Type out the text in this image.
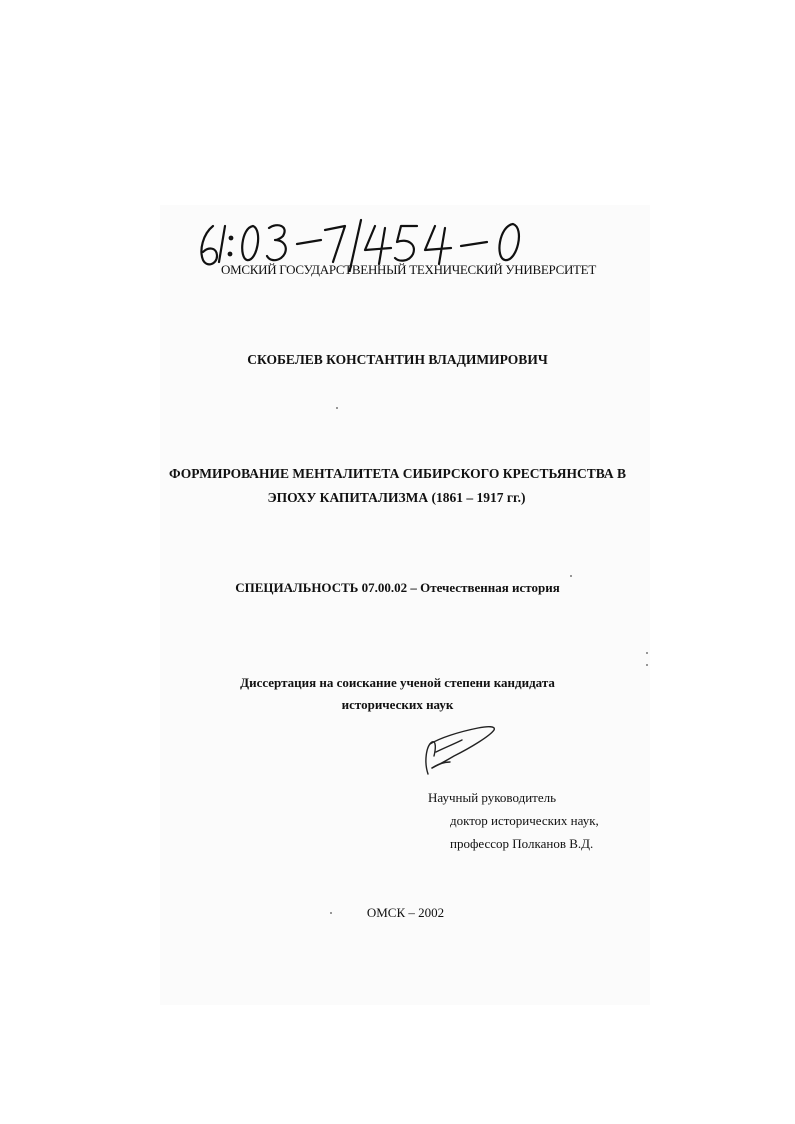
ОМСКИЙ ГОСУДАРСТВЕННЫЙ ТЕХНИЧЕСКИЙ УНИВЕРСИТЕТ
СКОБЕЛЕВ КОНСТАНТИН ВЛАДИМИРОВИЧ
ФОРМИРОВАНИЕ МЕНТАЛИТЕТА СИБИРСКОГО КРЕСТЬЯНСТВА В
ЭПОХУ КАПИТАЛИЗМА (1861 – 1917 гг.)
СПЕЦИАЛЬНОСТЬ 07.00.02 – Отечественная история
Диссертация на соискание ученой степени кандидата
исторических наук
Научный руководитель
доктор исторических наук,
профессор Полканов В.Д.
ОМСК – 2002
